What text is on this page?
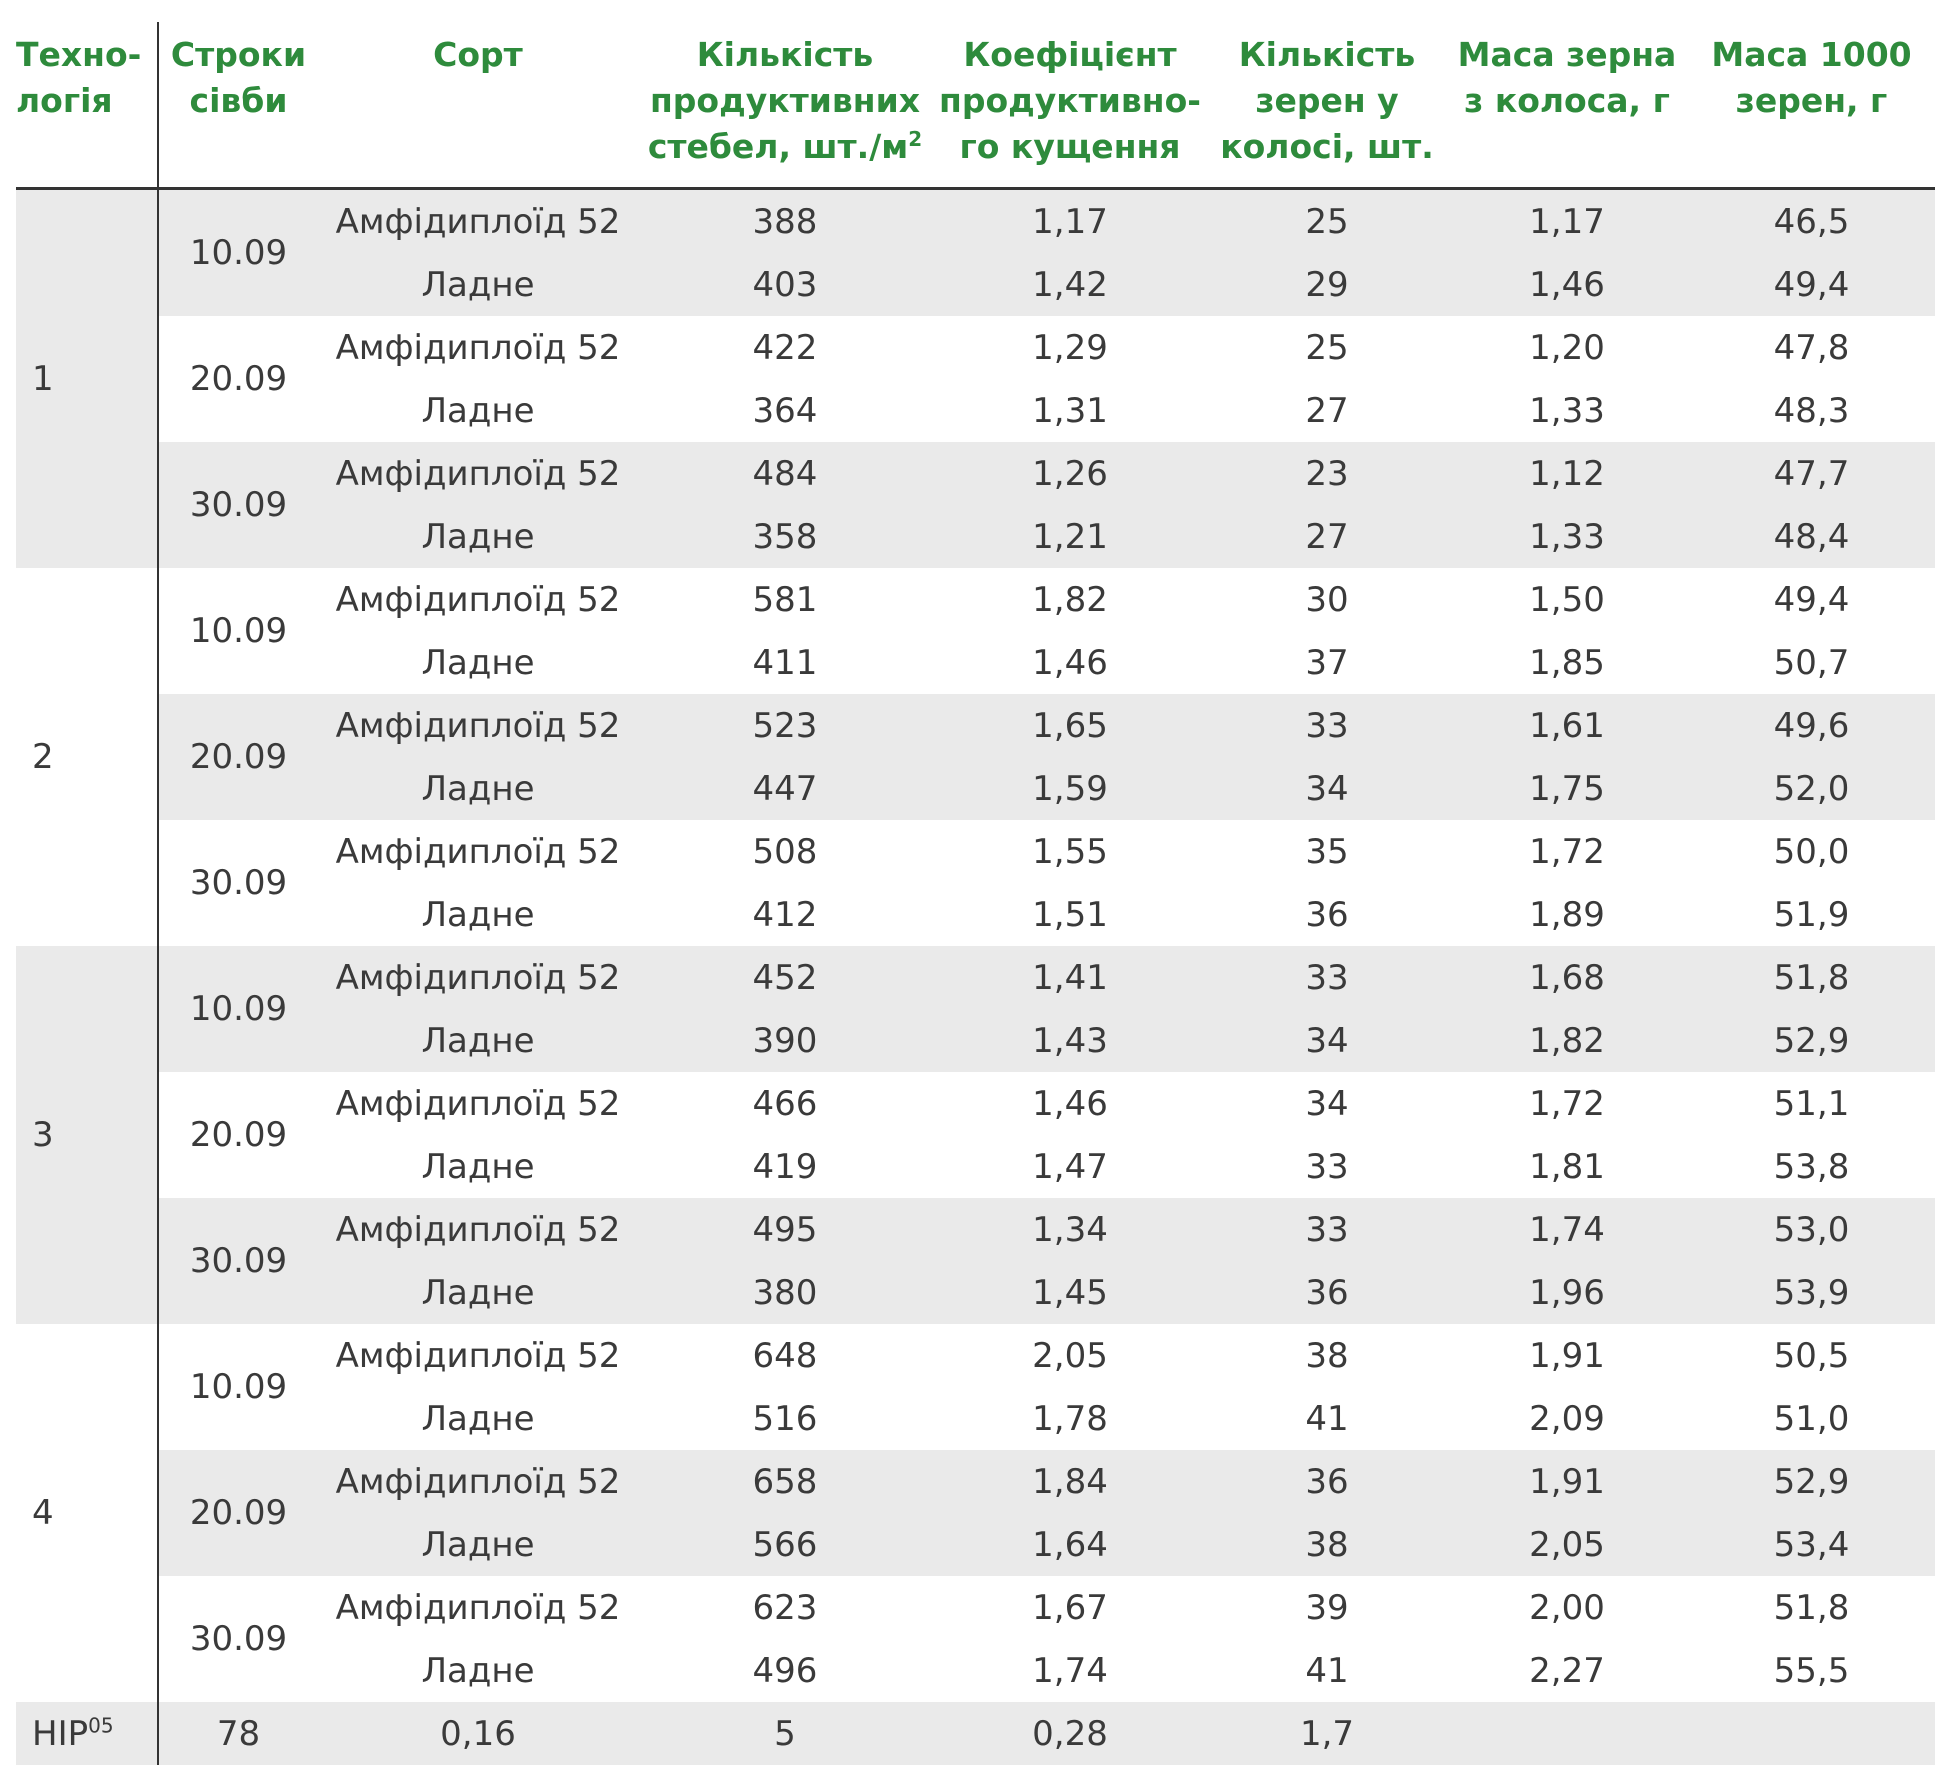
Техно-логія	Строки сівби	Сорт	Кількість продуктивних стебел, $шт./м^2$	Коефіцієнт продуктивно-го кущення	Кількість зерен у колосі, шт.	Маса зерна з колоса, г	Маса 1000 зерен, г
1	10.09	Амфідиплоїд 52	388	1,17	25	1,17	46,5
		Ладне	403	1,42	29	1,46	49,4
	20.09	Амфідиплоїд 52	422	1,29	25	1,20	47,8
		Ладне	364	1,31	27	1,33	48,3
	30.09	Амфідиплоїд 52	484	1,26	23	1,12	47,7
		Ладне	358	1,21	27	1,33	48,4
2	10.09	Амфідиплоїд 52	581	1,82	30	1,50	49,4
		Ладне	411	1,46	37	1,85	50,7
	20.09	Амфідиплоїд 52	523	1,65	33	1,61	49,6
		Ладне	447	1,59	34	1,75	52,0
	30.09	Амфідиплоїд 52	508	1,55	35	1,72	50,0
		Ладне	412	1,51	36	1,89	51,9
3	10.09	Амфідиплоїд 52	452	1,41	33	1,68	51,8
		Ладне	390	1,43	34	1,82	52,9
	20.09	Амфідиплоїд 52	466	1,46	34	1,72	51,1
		Ладне	419	1,47	33	1,81	53,8
	30.09	Амфідиплоїд 52	495	1,34	33	1,74	53,0
		Ладне	380	1,45	36	1,96	53,9
4	10.09	Амфідиплоїд 52	648	2,05	38	1,91	50,5
		Ладне	516	1,78	41	2,09	51,0
	20.09	Амфідиплоїд 52	658	1,84	36	1,91	52,9
		Ладне	566	1,64	38	2,05	53,4
	30.09	Амфідиплоїд 52	623	1,67	39	2,00	51,8
		Ладне	496	1,74	41	2,27	55,5
НІР$^{05}$	78	0,16	5	0,28	1,7		
